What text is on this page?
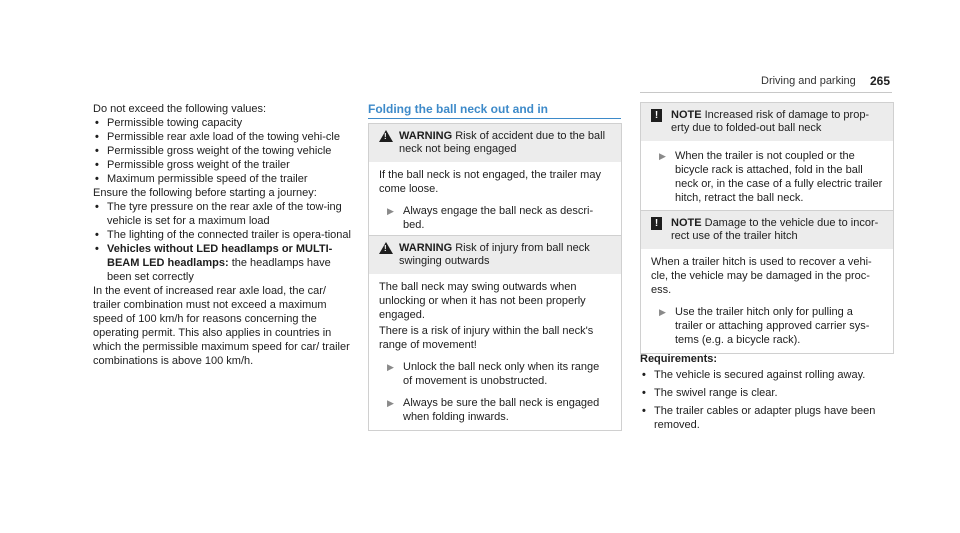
Driving and parking 265

Do not exceed the following values:

• Permissible towing capacity
• Permissible rear axle load of the towing vehi-cle
• Permissible gross weight of the towing vehicle
• Permissible gross weight of the trailer
• Maximum permissible speed of the trailer

Ensure the following before starting a journey:

• The tyre pressure on the rear axle of the tow-ing vehicle is set for a maximum load
• The lighting of the connected trailer is opera-tional
• Vehicles without LED headlamps or MULTI-BEAM LED headlamps: the headlamps have been set correctly

In the event of increased rear axle load, the car/ trailer combination must not exceed a maximum speed of 100 km/h for reasons concerning the operating permit. This also applies in countries in which the permissible maximum speed for car/ trailer combinations is above 100 km/h.

Folding the ball neck out and in
! WARNING Risk of accident due to the ball neck not being engaged

If the ball neck is not engaged, the trailer may come loose.

▶ Always engage the ball neck as descri-bed.
! WARNING Risk of injury from ball neck swinging outwards

The ball neck may swing outwards when unlocking or when it has not been properly engaged.

There is a risk of injury within the ball neck's range of movement!

▶ Unlock the ball neck only when its range of movement is unobstructed.
▶ Always be sure the ball neck is engaged when folding inwards.
!	NOTE Increased risk of damage to prop-erty due to folded-out ball neck
▶ When the trailer is not coupled or the bicycle rack is attached, fold in the ball neck or, in the case of a fully electric trailer hitch, retract the ball neck.
!	NOTE Damage to the vehicle due to incor-rect use of the trailer hitch

When a trailer hitch is used to recover a vehi-cle, the vehicle may be damaged in the proc-ess.

▶ Use the trailer hitch only for pulling a trailer or attaching approved carrier sys-tems (e.g. a bicycle rack).

Requirements:

• The vehicle is secured against rolling away.
• The swivel range is clear.
• The trailer cables or adapter plugs have been removed.
